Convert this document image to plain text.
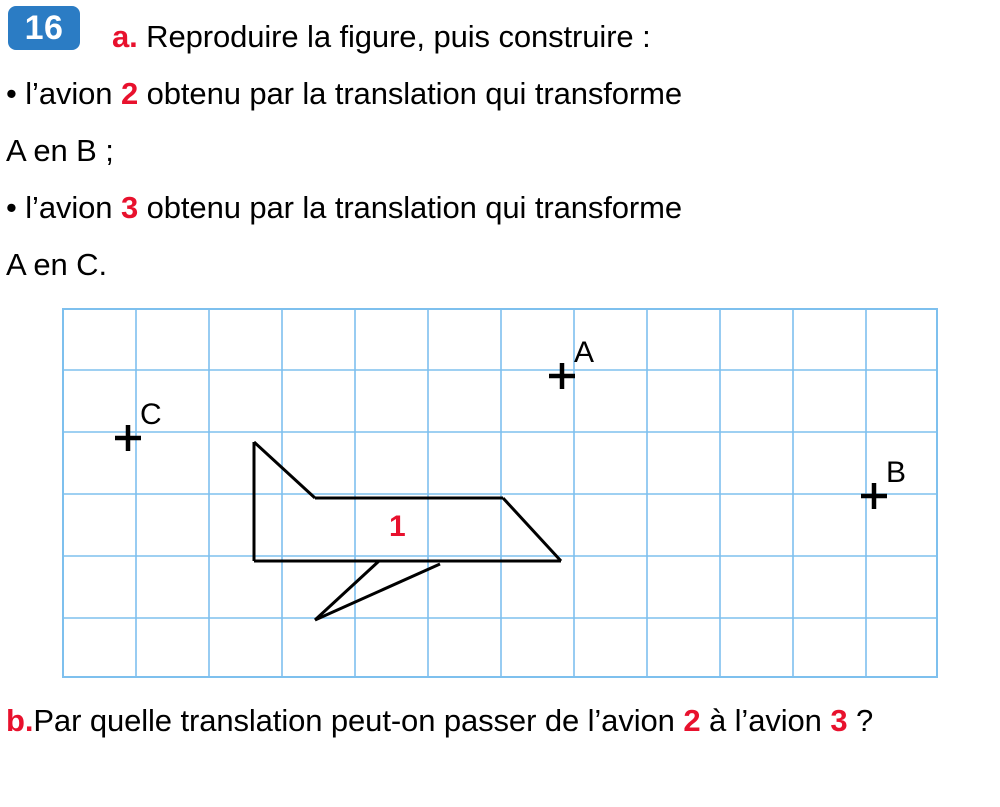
16	a. Reproduire la figure, puis construire :
• l’avion 2 obtenu par la translation qui transforme
A en B ;
• l’avion 3 obtenu par la translation qui transforme
A en C.
1
A
C
B
b.Par quelle translation peut-on passer de l’avion 2 à l’avion 3 ?
